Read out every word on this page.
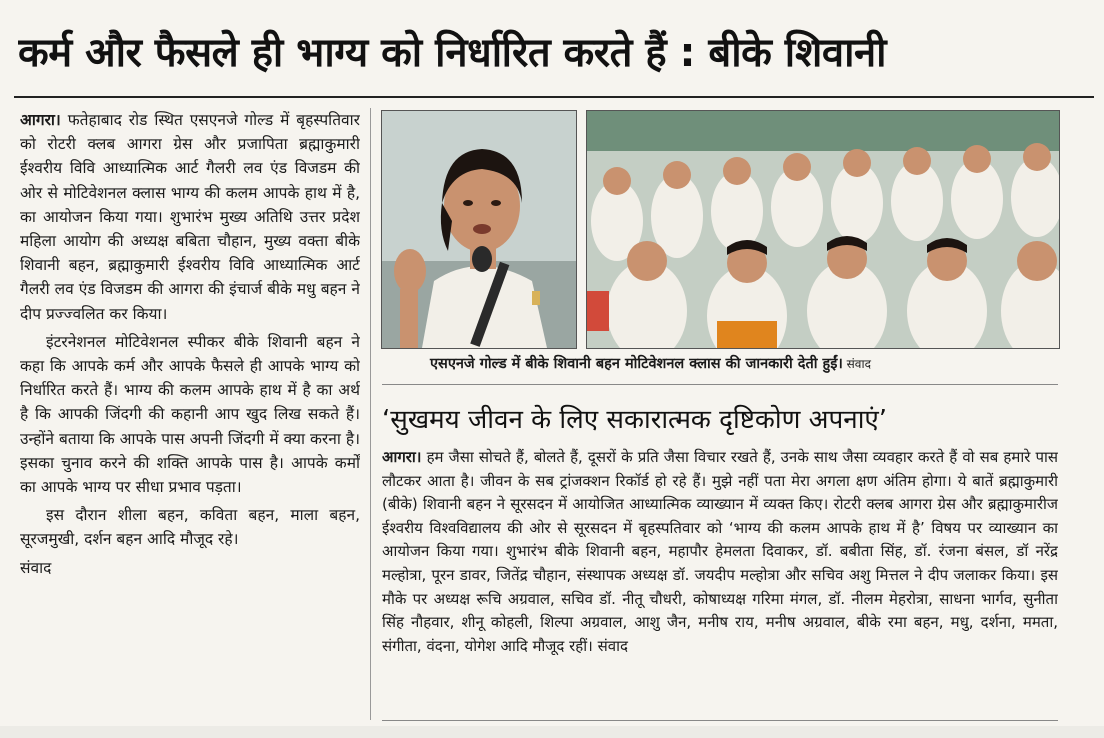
कर्म और फैसले ही भाग्य को निर्धारित करते हैं : बीके शिवानी

आगरा। फतेहाबाद रोड स्थित एसएनजे गोल्ड में बृहस्पतिवार को रोटरी क्लब आगरा ग्रेस और प्रजापिता ब्रह्माकुमारी ईश्वरीय विवि आध्यात्मिक आर्ट गैलरी लव एंड विजडम की ओर से मोटिवेशनल क्लास भाग्य की कलम आपके हाथ में है, का आयोजन किया गया। शुभारंभ मुख्य अतिथि उत्तर प्रदेश महिला आयोग की अध्यक्ष बबिता चौहान, मुख्य वक्ता बीके शिवानी बहन, ब्रह्माकुमारी ईश्वरीय विवि आध्यात्मिक आर्ट गैलरी लव एंड विजडम की आगरा की इंचार्ज बीके मधु बहन ने दीप प्रज्ज्वलित कर किया।

इंटरनेशनल मोटिवेशनल स्पीकर बीके शिवानी बहन ने कहा कि आपके कर्म और आपके फैसले ही आपके भाग्य को निर्धारित करते हैं। भाग्य की कलम आपके हाथ में है का अर्थ है कि आपकी जिंदगी की कहानी आप खुद लिख सकते हैं। उन्होंने बताया कि आपके पास अपनी जिंदगी में क्या करना है। इसका चुनाव करने की शक्ति आपके पास है। आपके कर्मों का आपके भाग्य पर सीधा प्रभाव पड़ता।

इस दौरान शीला बहन, कविता बहन, माला बहन, सूरजमुखी, दर्शन बहन आदि मौजूद रहे।

संवाद

एसएनजे गोल्ड में बीके शिवानी बहन मोटिवेशनल क्लास की जानकारी देती हुईं। संवाद
‘सुखमय जीवन के लिए सकारात्मक दृष्टिकोण अपनाएं’

आगरा। हम जैसा सोचते हैं, बोलते हैं, दूसरों के प्रति जैसा विचार रखते हैं, उनके साथ जैसा व्यवहार करते हैं वो सब हमारे पास लौटकर आता है। जीवन के सब ट्रांजक्शन रिकॉर्ड हो रहे हैं। मुझे नहीं पता मेरा अगला क्षण अंतिम होगा। ये बातें ब्रह्माकुमारी (बीके) शिवानी बहन ने सूरसदन में आयोजित आध्यात्मिक व्याख्यान में व्यक्त किए। रोटरी क्लब आगरा ग्रेस और ब्रह्माकुमारीज ईश्वरीय विश्वविद्यालय की ओर से सूरसदन में बृहस्पतिवार को ‘भाग्य की कलम आपके हाथ में है’ विषय पर व्याख्यान का आयोजन किया गया। शुभारंभ बीके शिवानी बहन, महापौर हेमलता दिवाकर, डॉ. बबीता सिंह, डॉ. रंजना बंसल, डॉ नरेंद्र मल्होत्रा, पूरन डावर, जितेंद्र चौहान, संस्थापक अध्यक्ष डॉ. जयदीप मल्होत्रा और सचिव अशु मित्तल ने दीप जलाकर किया। इस मौके पर अध्यक्ष रूचि अग्रवाल, सचिव डॉ. नीतू चौधरी, कोषाध्यक्ष गरिमा मंगल, डॉ. नीलम मेहरोत्रा, साधना भार्गव, सुनीता सिंह नौहवार, शीनू कोहली, शिल्पा अग्रवाल, आशु जैन, मनीष राय, मनीष अग्रवाल, बीके रमा बहन, मधु, दर्शना, ममता, संगीता, वंदना, योगेश आदि मौजूद रहीं। संवाद
